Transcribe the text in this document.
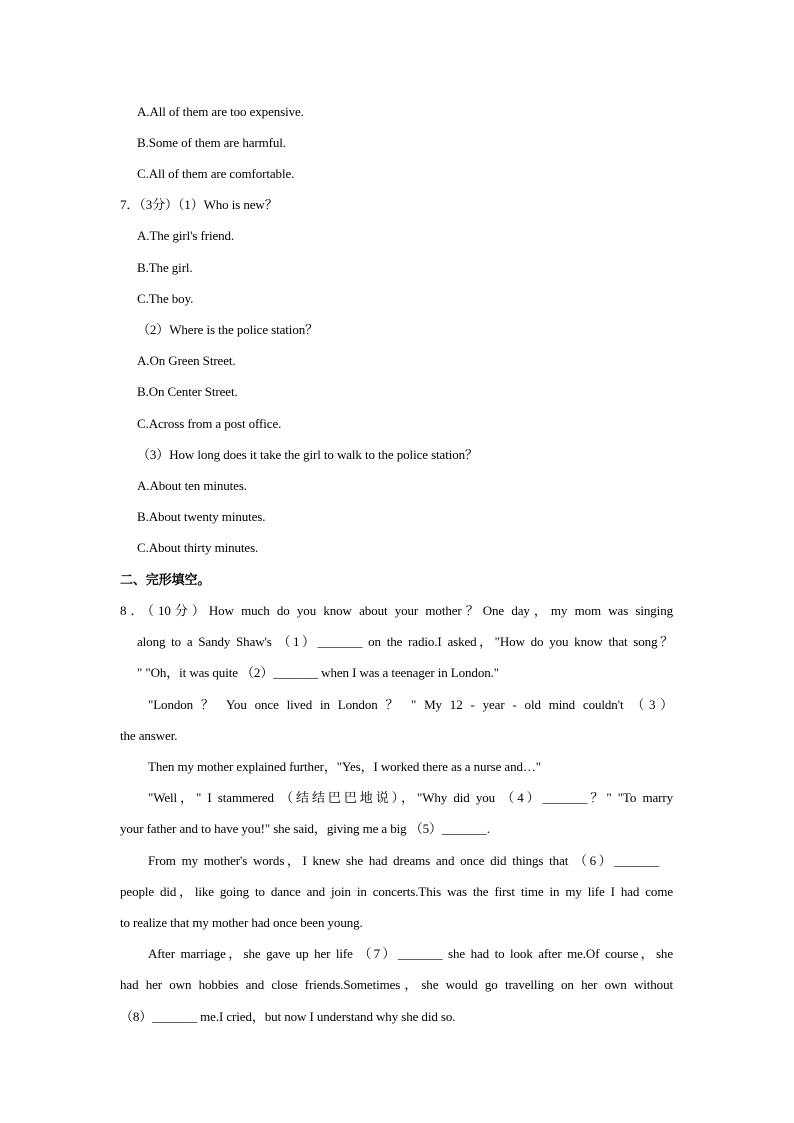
A.All of them are too expensive.
B.Some of them are harmful.
C.All of them are comfortable.
7．（3分）（1）Who is new？
A.The girl's friend.
B.The girl.
C.The boy.
（2）Where is the police station？
A.On Green Street.
B.On Center Street.
C.Across from a post office.
（3）How long does it take the girl to walk to the police station？
A.About ten minutes.
B.About twenty minutes.
C.About thirty minutes.
二、完形填空。
8．（10分）How much do you know about your mother？One day，my mom was singing
along to a Sandy Shaw's （1）_______ on the radio.I asked，"How do you know that song？
" "Oh，it was quite （2）_______ when I was a teenager in London."
"London ？ You once lived in London ？ " My 12 - year - old mind couldn't （3）
the answer.
Then my mother explained further，"Yes，I worked there as a nurse and…"
"Well，" I stammered （结结巴巴地说），"Why did you （4）_______？" "To marry
your father and to have you!" she said，giving me a big （5）_______.
From my mother's words，I knew she had dreams and once did things that （6）_______
people did，like going to dance and join in concerts.This was the first time in my life I had come
to realize that my mother had once been young.
After marriage，she gave up her life （7）_______ she had to look after me.Of course，she
had her own hobbies and close friends.Sometimes，she would go travelling on her own without
（8）_______ me.I cried，but now I understand why she did so.
